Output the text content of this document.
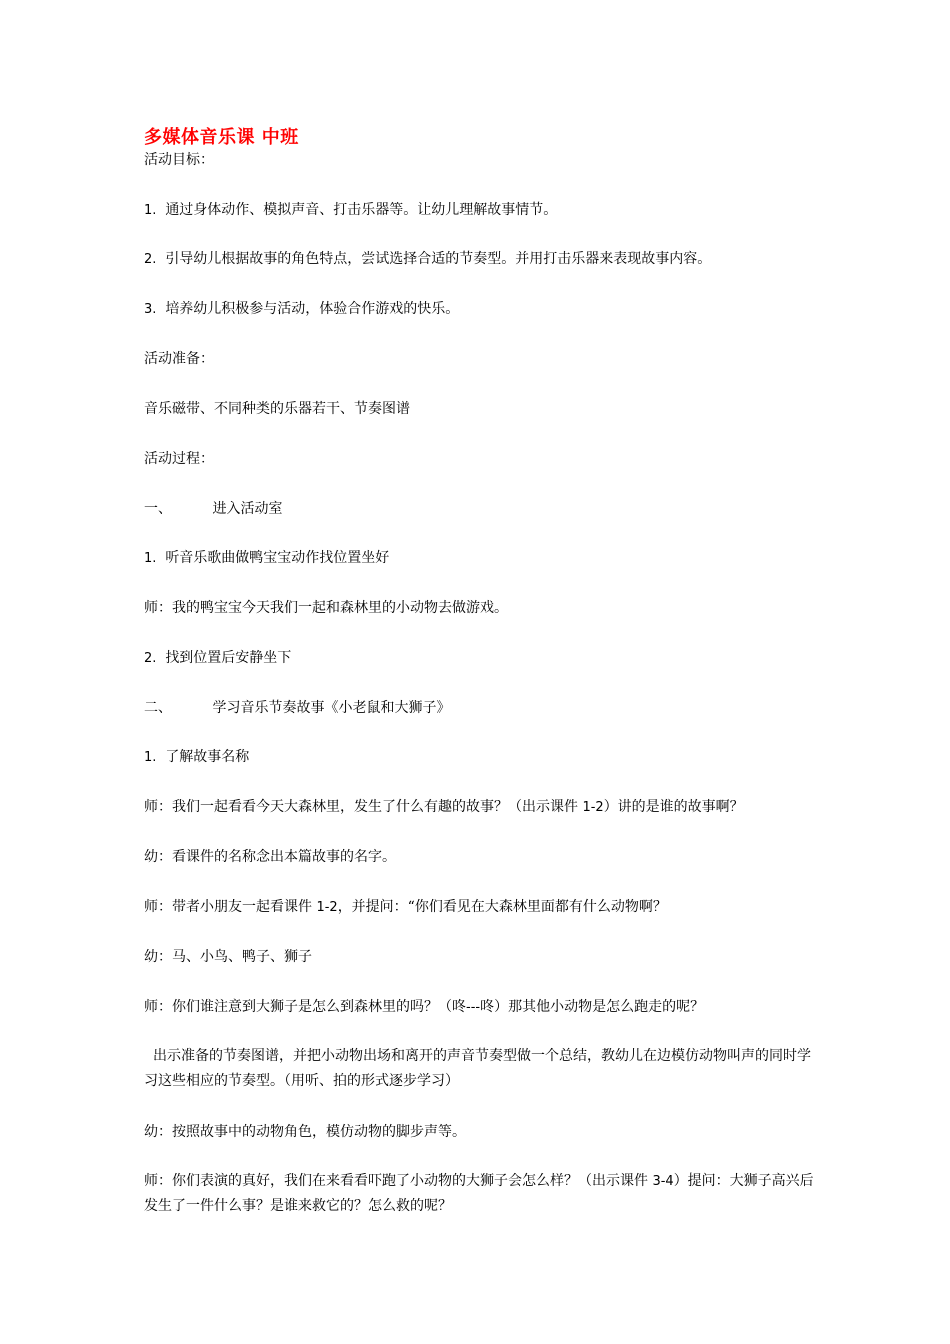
多媒体音乐课 中班
活动目标：
1. 通过身体动作、模拟声音、打击乐器等。让幼儿理解故事情节。
2. 引导幼儿根据故事的角色特点，尝试选择合适的节奏型。并用打击乐器来表现故事内容。
3. 培养幼儿积极参与活动，体验合作游戏的快乐。
活动准备：
音乐磁带、不同种类的乐器若干、节奏图谱
活动过程：
一、	进入活动室
1. 听音乐歌曲做鸭宝宝动作找位置坐好
师：我的鸭宝宝今天我们一起和森林里的小动物去做游戏。
2. 找到位置后安静坐下
二、	学习音乐节奏故事《小老鼠和大狮子》
1. 了解故事名称
师：我们一起看看今天大森林里，发生了什么有趣的故事？（出示课件 1-2）讲的是谁的故事啊？
幼：看课件的名称念出本篇故事的名字。
师：带者小朋友一起看课件 1-2，并提问：“你们看见在大森林里面都有什么动物啊？
幼：马、小鸟、鸭子、狮子
师：你们谁注意到大狮子是怎么到森林里的吗？（咚---咚）那其他小动物是怎么跑走的呢？
出示准备的节奏图谱，并把小动物出场和离开的声音节奏型做一个总结，教幼儿在边模仿动物叫声的同时学习这些相应的节奏型。（用听、拍的形式逐步学习）
幼：按照故事中的动物角色，模仿动物的脚步声等。
师：你们表演的真好，我们在来看看吓跑了小动物的大狮子会怎么样？（出示课件 3-4）提问：大狮子高兴后发生了一件什么事？是谁来救它的？怎么救的呢？
